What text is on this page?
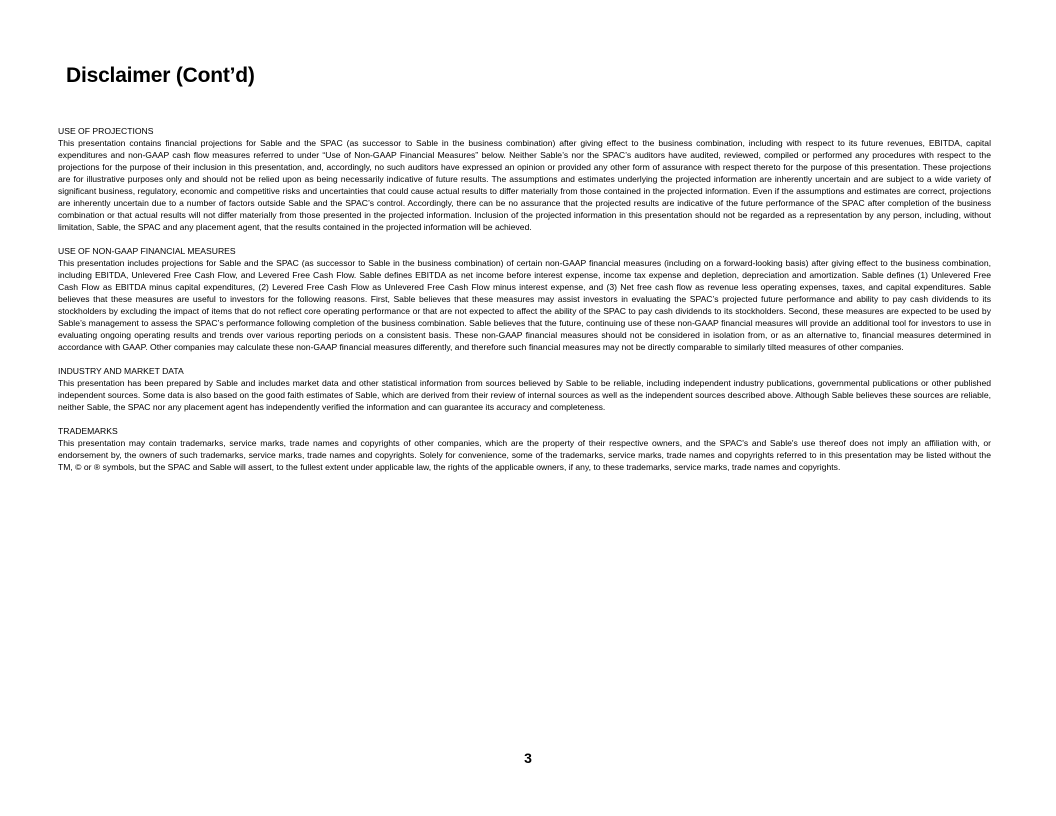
Disclaimer (Cont’d)
USE OF PROJECTIONS

This presentation contains financial projections for Sable and the SPAC (as successor to Sable in the business combination) after giving effect to the business combination, including with respect to its future revenues, EBITDA, capital expenditures and non-GAAP cash flow measures referred to under “Use of Non-GAAP Financial Measures” below. Neither Sable’s nor the SPAC’s auditors have audited, reviewed, compiled or performed any procedures with respect to the projections for the purpose of their inclusion in this presentation, and, accordingly, no such auditors have expressed an opinion or provided any other form of assurance with respect thereto for the purpose of this presentation. These projections are for illustrative purposes only and should not be relied upon as being necessarily indicative of future results. The assumptions and estimates underlying the projected information are inherently uncertain and are subject to a wide variety of significant business, regulatory, economic and competitive risks and uncertainties that could cause actual results to differ materially from those contained in the projected information. Even if the assumptions and estimates are correct, projections are inherently uncertain due to a number of factors outside Sable and the SPAC’s control. Accordingly, there can be no assurance that the projected results are indicative of the future performance of the SPAC after completion of the business combination or that actual results will not differ materially from those presented in the projected information. Inclusion of the projected information in this presentation should not be regarded as a representation by any person, including, without limitation, Sable, the SPAC and any placement agent, that the results contained in the projected information will be achieved.

USE OF NON-GAAP FINANCIAL MEASURES

This presentation includes projections for Sable and the SPAC (as successor to Sable in the business combination) of certain non-GAAP financial measures (including on a forward-looking basis) after giving effect to the business combination, including EBITDA, Unlevered Free Cash Flow, and Levered Free Cash Flow. Sable defines EBITDA as net income before interest expense, income tax expense and depletion, depreciation and amortization. Sable defines (1) Unlevered Free Cash Flow as EBITDA minus capital expenditures, (2) Levered Free Cash Flow as Unlevered Free Cash Flow minus interest expense, and (3) Net free cash flow as revenue less operating expenses, taxes, and capital expenditures. Sable believes that these measures are useful to investors for the following reasons. First, Sable believes that these measures may assist investors in evaluating the SPAC’s projected future performance and ability to pay cash dividends to its stockholders by excluding the impact of items that do not reflect core operating performance or that are not expected to affect the ability of the SPAC to pay cash dividends to its stockholders. Second, these measures are expected to be used by Sable’s management to assess the SPAC’s performance following completion of the business combination. Sable believes that the future, continuing use of these non-GAAP financial measures will provide an additional tool for investors to use in evaluating ongoing operating results and trends over various reporting periods on a consistent basis. These non-GAAP financial measures should not be considered in isolation from, or as an alternative to, financial measures determined in accordance with GAAP. Other companies may calculate these non-GAAP financial measures differently, and therefore such financial measures may not be directly comparable to similarly tilted measures of other companies.

INDUSTRY AND MARKET DATA

This presentation has been prepared by Sable and includes market data and other statistical information from sources believed by Sable to be reliable, including independent industry publications, governmental publications or other published independent sources. Some data is also based on the good faith estimates of Sable, which are derived from their review of internal sources as well as the independent sources described above. Although Sable believes these sources are reliable, neither Sable, the SPAC nor any placement agent has independently verified the information and can guarantee its accuracy and completeness.

TRADEMARKS

This presentation may contain trademarks, service marks, trade names and copyrights of other companies, which are the property of their respective owners, and the SPAC's and Sable's use thereof does not imply an affiliation with, or endorsement by, the owners of such trademarks, service marks, trade names and copyrights. Solely for convenience, some of the trademarks, service marks, trade names and copyrights referred to in this presentation may be listed without the TM, © or ® symbols, but the SPAC and Sable will assert, to the fullest extent under applicable law, the rights of the applicable owners, if any, to these trademarks, service marks, trade names and copyrights.

3
